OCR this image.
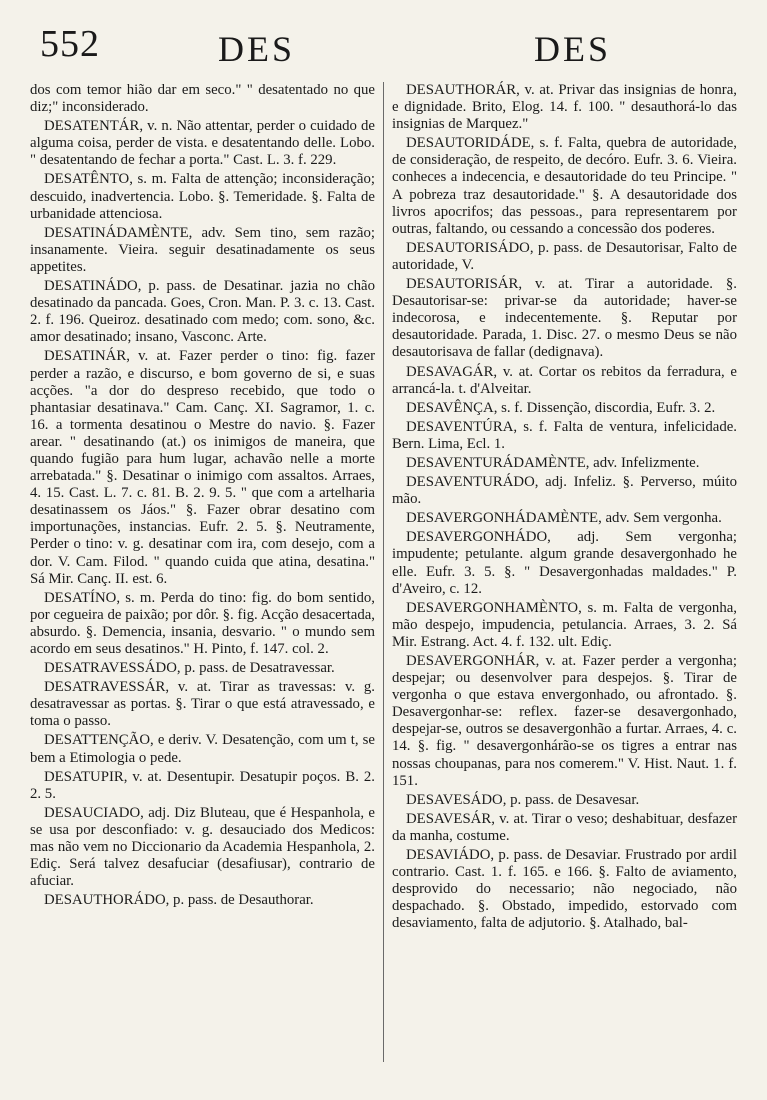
552	DES	DES

dos com temor hião dar em seco." " desatentado no que diz;" inconsiderado.

DESATENTÁR, v. n. Não attentar, perder o cuidado de alguma coisa, perder de vista. e desatentando delle. Lobo. " desatentando de fechar a porta." Cast. L. 3. f. 229.

DESATÊNTO, s. m. Falta de attenção; inconsideração; descuido, inadvertencia. Lobo. §. Temeridade. §. Falta de urbanidade attenciosa.

DESATINÁDAMÈNTE, adv. Sem tino, sem razão; insanamente. Vieira. seguir desatinadamente os seus appetites.

DESATINÁDO, p. pass. de Desatinar. jazia no chão desatinado da pancada. Goes, Cron. Man. P. 3. c. 13. Cast. 2. f. 196. Queiroz. desatinado com medo; com. sono, &c. amor desatinado; insano, Vasconc. Arte.

DESATINÁR, v. at. Fazer perder o tino: fig. fazer perder a razão, e discurso, e bom governo de si, e suas acções. "a dor do despreso recebido, que todo o phantasiar desatinava." Cam. Canç. XI. Sagramor, 1. c. 16. a tormenta desatinou o Mestre do navio. §. Fazer arear. " desatinando (at.) os inimigos de maneira, que quando fugião para hum lugar, achavão nelle a morte arrebatada." §. Desatinar o inimigo com assaltos. Arraes, 4. 15. Cast. L. 7. c. 81. B. 2. 9. 5. " que com a artelharia desatinassem os Jáos." §. Fazer obrar desatino com importunações, instancias. Eufr. 2. 5. §. Neutramente, Perder o tino: v. g. desatinar com ira, com desejo, com a dor. V. Cam. Filod. " quando cuida que atina, desatina." Sá Mir. Canç. II. est. 6.

DESATÍNO, s. m. Perda do tino: fig. do bom sentido, por ceguеira de paixão; por dôr. §. fig. Acção desacertada, absurdo. §. Demencia, insania, desvario. " o mundo sem acordo em seus desatinos." H. Pinto, f. 147. col. 2.

DESATRAVESSÁDO, p. pass. de Desatravessar.

DESATRAVESSÁR, v. at. Tirar as travessas: v. g. desatravessar as portas. §. Tirar o que está atravessado, e toma o passo.

DESATTENÇÃO, e deriv. V. Desatenção, com um t, se bem a Etimologia o pede.

DESATUPIR, v. at. Desentupir. Desatupir poços. B. 2. 2. 5.

DESAUCIADO, adj. Diz Bluteau, que é Hespanhola, e se usa por desconfiado: v. g. desauciado dos Medicos: mas não vem no Diccionario da Academia Hespanhola, 2. Ediç. Será talvez desafuciar (desafiusar), contrario de afuciar.

DESAUTHORÁDO, p. pass. de Desauthorar.

DESAUTHORÁR, v. at. Privar das insignias de honra, e dignidade. Brito, Elog. 14. f. 100. " desauthorá-lo das insignias de Marquez."

DESAUTORIDÁDE, s. f. Falta, quebra de autoridade, de consideração, de respeito, de decóro. Eufr. 3. 6. Vieira. conheces a indecencia, e desautoridade do teu Principe. " A pobreza traz desautoridade." §. A desautoridade dos livros apocrifos; das pessoas., para representarem por outras, faltando, ou cessando a concessão dos poderes.

DESAUTORISÁDO, p. pass. de Desautorisar, Falto de autoridade, V.

DESAUTORISÁR, v. at. Tirar a autoridade. §. Desautorisar-se: privar-se da autoridade; haver-se indecorosa, e indecentemente. §. Reputar por desautoridade. Parada, 1. Disc. 27. o mesmo Deus se não desautorisava de fallar (dedignava).

DESAVAGÁR, v. at. Cortar os rebitos da ferradura, e arrancá-la. t. d'Alveitar.

DESAVÊNÇA, s. f. Dissenção, discordia, Eufr. 3. 2.

DESAVENTÚRA, s. f. Falta de ventura, infelicidade. Bern. Lima, Ecl. 1.

DESAVENTURÁDAMÈNTE, adv. Infelizmente.

DESAVENTURÁDO, adj. Infeliz. §. Perverso, múito mão.

DESAVERGONHÁDAMÈNTE, adv. Sem vergonha.

DESAVERGONHÁDO, adj. Sem vergonha; impudente; petulante. algum grande desavergonhado he elle. Eufr. 3. 5. §. " Desavergonhadas maldades." P. d'Aveiro, c. 12.

DESAVERGONHAMÈNTO, s. m. Falta de vergonha, mão despejo, impudencia, petulancia. Arraes, 3. 2. Sá Mir. Estrang. Act. 4. f. 132. ult. Ediç.

DESAVERGONHÁR, v. at. Fazer perder a vergonha; despejar; ou desenvolver para despejos. §. Tirar de vergonha o que estava envergonhado, ou afrontado. §. Desavergonhar-se: reflex. fazer-se desavergonhado, despejar-se, outros se desavergonhão a furtar. Arraes, 4. c. 14. §. fig. " desavergonhárão-se os tigres a entrar nas nossas choupanas, para nos comerem." V. Hist. Naut. 1. f. 151.

DESAVESÁDO, p. pass. de Desavesar.

DESAVESÁR, v. at. Tirar o veso; deshabituar, desfazer da manha, costume.

DESAVIÁDO, p. pass. de Desaviar. Frustrado por ardil contrario. Cast. 1. f. 165. e 166. §. Falto de aviamento, desprovido do necessario; não negociado, não despachado. §. Obstado, impedido, estorvado com desaviamento, falta de adjutorio. §. Atalhado, bal-
